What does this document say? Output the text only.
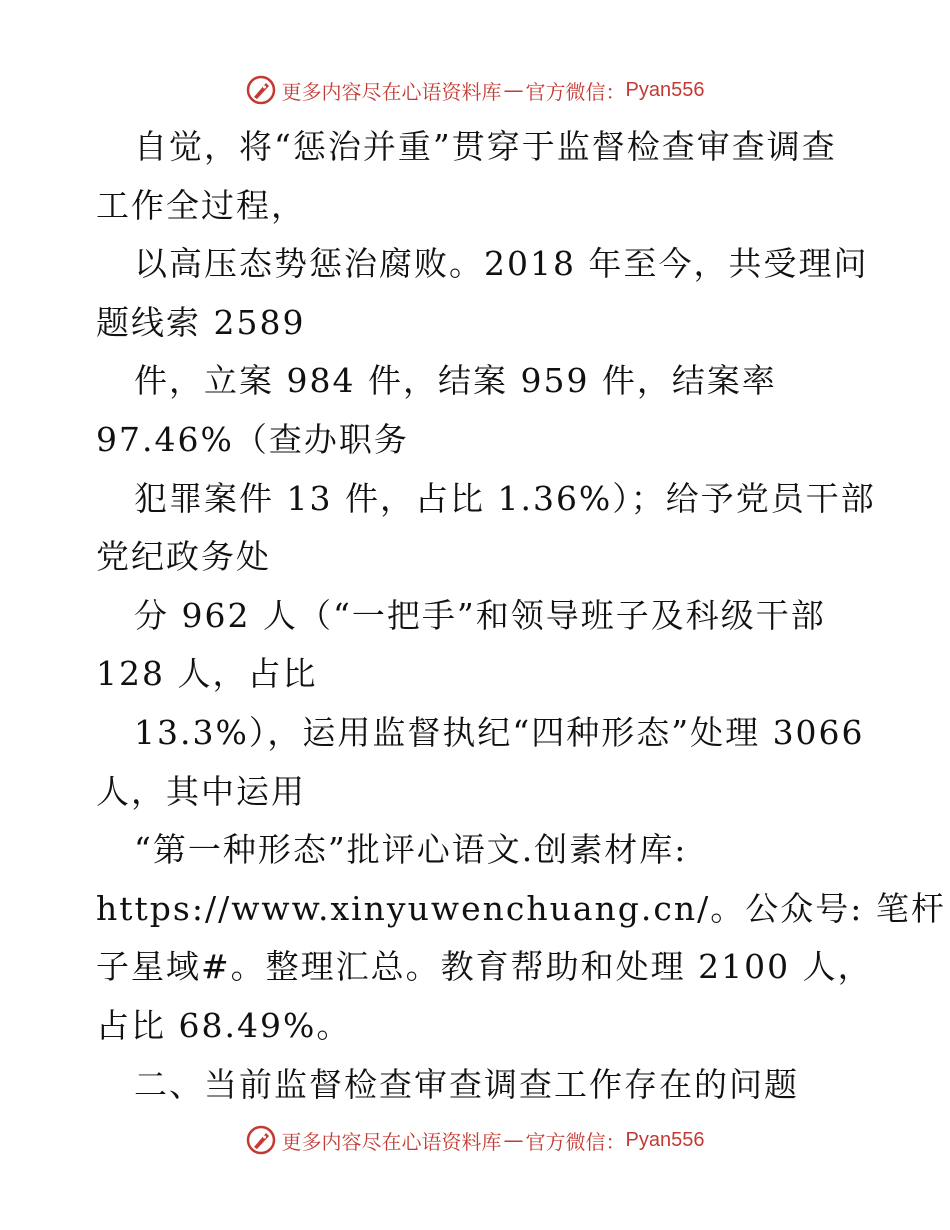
更多内容尽在心语资料库 — 官方微信： Pyan556
自觉，将“惩治并重”贯穿于监督检查审查调查
工作全过程，
以高压态势惩治腐败。2018 年至今，共受理问
题线索 2589
件，立案 984 件，结案 959 件，结案率
97.46%（查办职务
犯罪案件 13 件，占比 1.36%）；给予党员干部
党纪政务处
分 962 人（“一把手”和领导班子及科级干部
128 人，占比
13.3%），运用监督执纪“四种形态”处理 3066
人，其中运用
“第一种形态”批评心语文.创素材库:
https://www.xinyuwenchuang.cn/。公众号: 笔杆
子星域#。整理汇总。教育帮助和处理 2100 人，
占比 68.49%。
二、当前监督检查审查调查工作存在的问题
更多内容尽在心语资料库 — 官方微信： Pyan556
